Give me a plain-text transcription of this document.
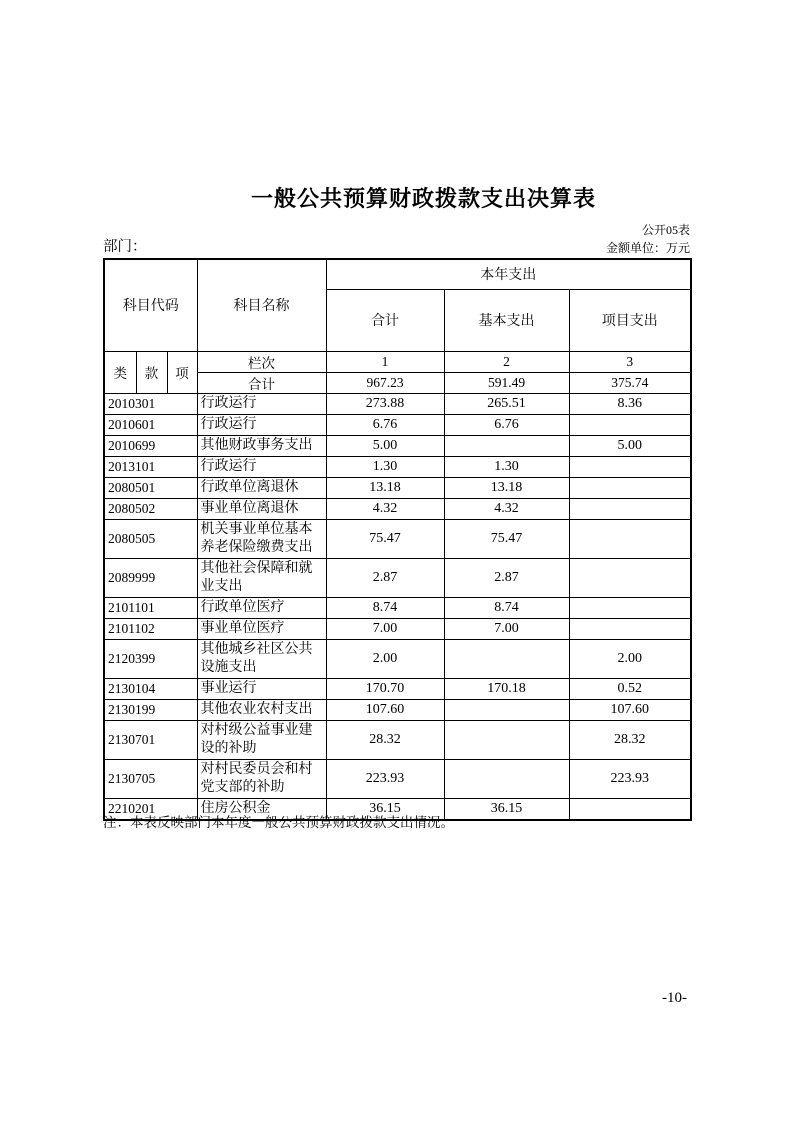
一般公共预算财政拨款支出决算表
公开05表
部门：	金额单位：万元
科目代码			科目名称	本年支出		
				合计	基本支出	项目支出
类	款	项	栏次	1	2	3
			合计	967.23	591.49	375.74
2010301			行政运行	273.88	265.51	8.36
2010601			行政运行	6.76	6.76	
2010699			其他财政事务支出	5.00		5.00
2013101			行政运行	1.30	1.30	
2080501			行政单位离退休	13.18	13.18	
2080502			事业单位离退休	4.32	4.32	
2080505			机关事业单位基本养老保险缴费支出	75.47	75.47	
2089999			其他社会保障和就业支出	2.87	2.87	
2101101			行政单位医疗	8.74	8.74	
2101102			事业单位医疗	7.00	7.00	
2120399			其他城乡社区公共设施支出	2.00		2.00
2130104			事业运行	170.70	170.18	0.52
2130199			其他农业农村支出	107.60		107.60
2130701			对村级公益事业建设的补助	28.32		28.32
2130705			对村民委员会和村党支部的补助	223.93		223.93
2210201			住房公积金	36.15	36.15	
注：本表反映部门本年度一般公共预算财政拨款支出情况。
-10-
